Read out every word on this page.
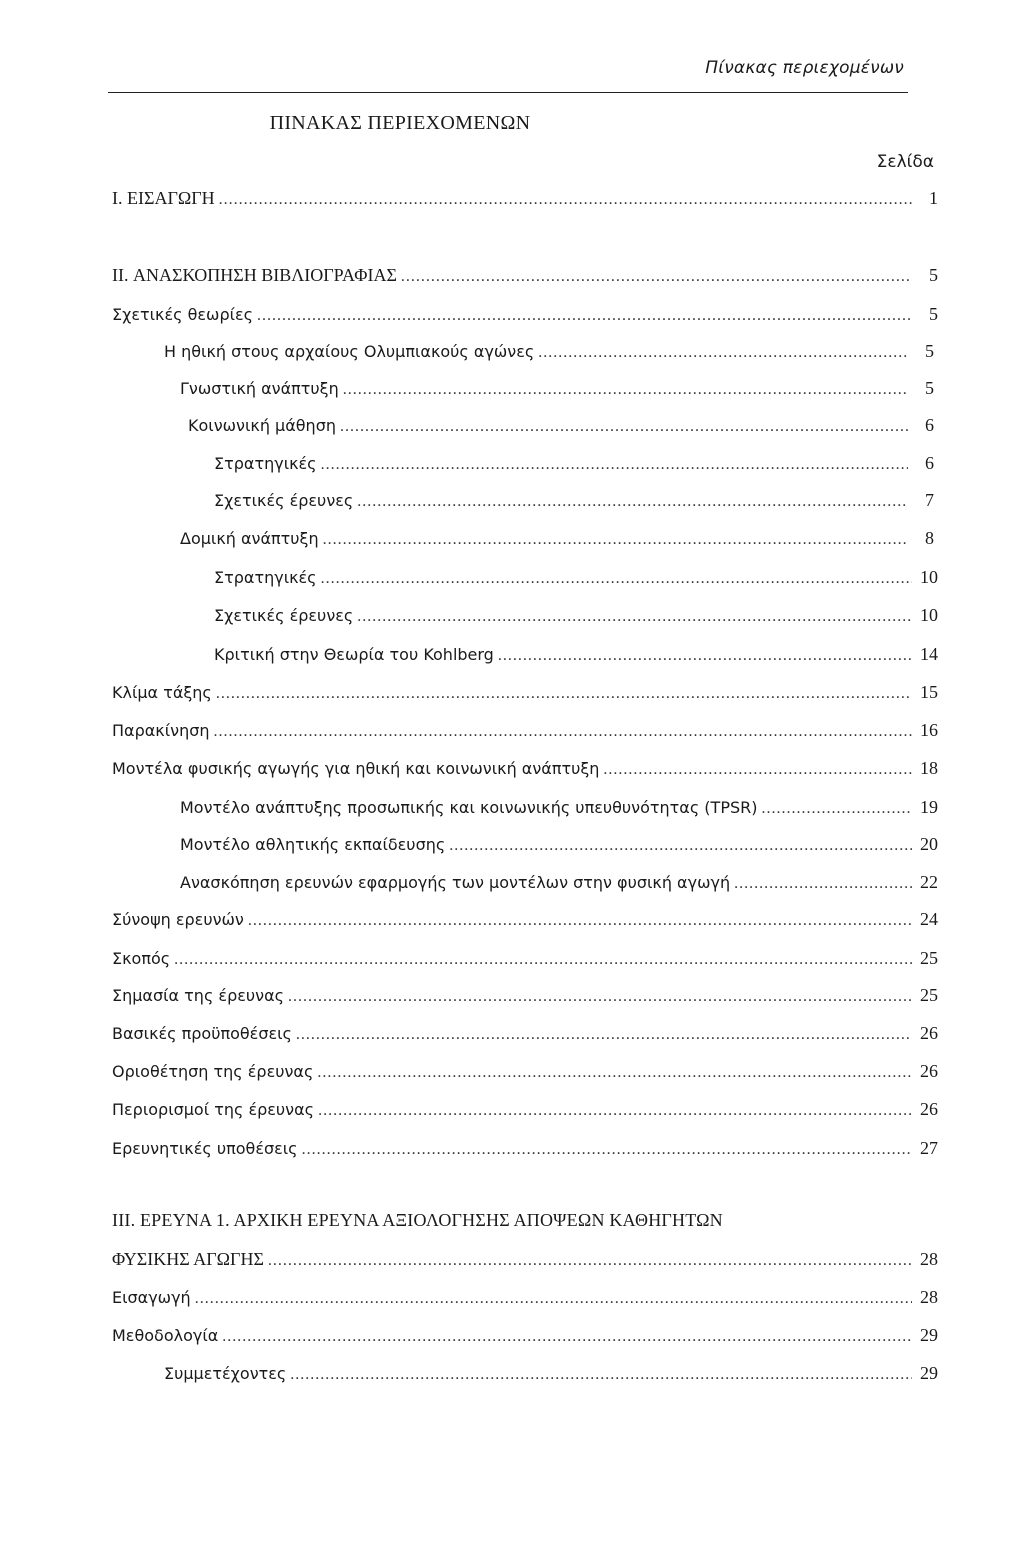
Πίνακας περιεχομένων
ΠΙΝΑΚΑΣ ΠΕΡΙΕΧΟΜΕΝΩΝ
Σελίδα
I. ΕΙΣΑΓΩΓΗ .....	1
II. ΑΝΑΣΚΟΠΗΣΗ ΒΙΒΛΙΟΓΡΑΦΙΑΣ .....	5
Σχετικές θεωρίες .....	5
Η ηθική στους αρχαίους Ολυμπιακούς αγώνες .....	5
Γνωστική ανάπτυξη .....	5
Κοινωνική μάθηση .....	6
Στρατηγικές .....	6
Σχετικές έρευνες .....	7
Δομική ανάπτυξη .....	8
Στρατηγικές .....	10
Σχετικές έρευνες .....	10
Κριτική στην Θεωρία του Kohlberg .....	14
Κλίμα τάξης .....	15
Παρακίνηση .....	16
Μοντέλα φυσικής αγωγής για ηθική και κοινωνική ανάπτυξη .....	18
Μοντέλο ανάπτυξης προσωπικής και κοινωνικής υπευθυνότητας (TPSR) .....	19
Μοντέλο αθλητικής εκπαίδευσης .....	20
Ανασκόπηση ερευνών εφαρμογής των μοντέλων στην φυσική αγωγή .....	22
Σύνοψη ερευνών .....	24
Σκοπός .....	25
Σημασία της έρευνας .....	25
Βασικές προϋποθέσεις .....	26
Οριοθέτηση της έρευνας .....	26
Περιορισμοί της έρευνας .....	26
Ερευνητικές υποθέσεις .....	27
III. ΕΡΕΥΝΑ 1. ΑΡΧΙΚΗ ΕΡΕΥΝΑ ΑΞΙΟΛΟΓΗΣΗΣ ΑΠΟΨΕΩΝ ΚΑΘΗΓΗΤΩΝ
ΦΥΣΙΚΗΣ ΑΓΩΓΗΣ .....	28
Εισαγωγή .....	28
Μεθοδολογία .....	29
Συμμετέχοντες .....	29
